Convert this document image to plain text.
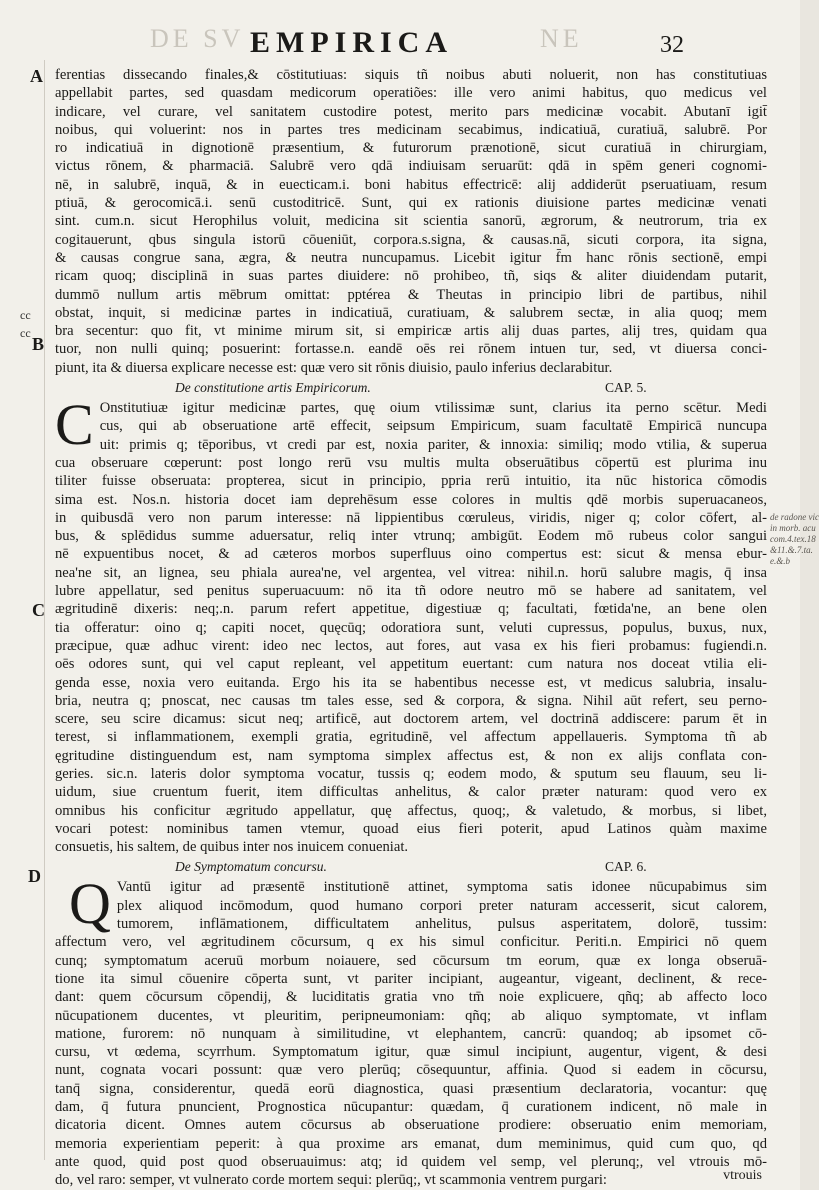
DE SV	NE
EMPIRICA	32
A
cc
cc
B
C
D
de radone vic
in morb. acu
com.4.tex.18
&11.&.7.ta.
e.&.b
ferentias dissecando finales,& cōstitutiuas: siquis tñ noibus abuti noluerit, non has constitutiuas
appellabit partes, sed quasdam medicorum operatiões: ille vero animi habitus, quo medicus vel
indicare, vel curare, vel sanitatem custodire potest, merito pars medicinæ vocabit. Abutanī igit̄
noibus, qui voluerint: nos in partes tres medicinam secabimus, indicatiuā, curatiuā, salubrē. Por
ro indicatiuā in dignotionē præsentium, & futurorum prænotionē, sicut curatiuā in chirurgiam,
victus rōnem, & pharmaciā. Salubrē vero qdā indiuisam seruarūt: qdā in spēm generi cognomi-
nē, in salubrē, inquā, & in euecticam.i. boni habitus effectricē: alij addiderūt pseruatiuam, resum
ptiuā, & gerocomicā.i. senū custoditricē. Sunt, qui ex rationis diuisione partes medicinæ venati
sint. cum.n. sicut Herophilus voluit, medicina sit scientia sanorū, ægrorum, & neutrorum, tria ex
cogitauerunt, qbus singula istorū cōueniūt, corpora.s.signa, & causas.nā, sicuti corpora, ita signa,
& causas congrue sana, ægra, & neutra nuncupamus. Licebit igitur f̄m hanc rōnis sectionē, empi
ricam quoq; disciplinā in suas partes diuidere: nō prohibeo, tñ, siqs & aliter diuidendam putarit,
dummō nullum artis mēbrum omittat: pptérea & Theutas in principio libri de partibus, nihil
obstat, inquit, si medicinæ partes in indicatiuā, curatiuam, & salubrem sectæ, in alia quoq; mem
bra secentur: quo fit, vt minime mirum sit, si empiricæ artis alij duas partes, alij tres, quidam qua
tuor, non nulli quinq; posuerint: fortasse.n. eandē oēs rei rōnem intuen tur, sed, vt diuersa conci-
piunt, ita & diuersa explicare necesse est: quæ vero sit rōnis diuisio, paulo inferius declarabitur.
De constitutione artis Empiricorum.	CAP. 5.
C Onstitutiuæ igitur medicinæ partes, quę oium vtilissimæ sunt, clarius ita perno scētur. Medi
cus, qui ab obseruatione artē effecit, seipsum Empiricum, suam facultatē Empiricā nuncupa
uit: primis q; tēporibus, vt credi par est, noxia pariter, & innoxia: similiq; modo vtilia, & superua
cua obseruare cœperunt: post longo rerū vsu multis multa obseruātibus cōpertū est plurima inu
tiliter fuisse obseruata: propterea, sicut in principio, ppria rerū intuitio, ita nūc historica cōmodis
sima est. Nos.n. historia docet iam deprehēsum esse colores in multis qdē morbis superuacaneos,
in quibusdā vero non parum interesse: nā lippientibus cœruleus, viridis, niger q; color cōfert, al-
bus, & splēdidus summe aduersatur, reliq inter vtrunq; ambigūt. Eodem mō rubeus color sangui
nē expuentibus nocet, & ad cæteros morbos superfluus oino compertus est: sicut & mensa ebur-
nea'ne sit, an lignea, seu phiala aurea'ne, vel argentea, vel vitrea: nihil.n. horū salubre magis, q̄ insa
lubre appellatur, sed penitus superuacuum: nō ita tñ odore neutro mō se habere ad sanitatem, vel
ægritudinē dixeris: neq;.n. parum refert appetitue, digestiuæ q; facultati, fœtida'ne, an bene olen
tia offeratur: oino q; capiti nocet, quęcūq; odoratiora sunt, veluti cupressus, populus, buxus, nux,
præcipue, quæ adhuc virent: ideo nec lectos, aut fores, aut vasa ex his fieri probamus: fugiendi.n.
oēs odores sunt, qui vel caput repleant, vel appetitum euertant: cum natura nos doceat vtilia eli-
genda esse, noxia vero euitanda. Ergo his ita se habentibus necesse est, vt medicus salubria, insalu-
bria, neutra q; pnoscat, nec causas tm tales esse, sed & corpora, & signa. Nihil aūt refert, seu perno-
scere, seu scire dicamus: sicut neq; artificē, aut doctorem artem, vel doctrinā addiscere: parum ēt in
terest, si inflammationem, exempli gratia, egritudinē, vel affectum appellaueris. Symptoma tñ ab
ęgritudine distinguendum est, nam symptoma simplex affectus est, & non ex alijs conflata con-
geries. sic.n. lateris dolor symptoma vocatur, tussis q; eodem modo, & sputum seu flauum, seu li-
uidum, siue cruentum fuerit, item difficultas anhelitus, & calor præter naturam: quod vero ex
omnibus his conficitur ægritudo appellatur, quę affectus, quoq;, & valetudo, & morbus, si libet,
vocari potest: nominibus tamen vtemur, quoad eius fieri poterit, apud Latinos quàm maxime
consuetis, his saltem, de quibus inter nos inuicem conueniat.
De Symptomatum concursu.	CAP. 6.
Q Vantū igitur ad præsentē institutionē attinet, symptoma satis idonee nūcupabimus sim
plex aliquod incōmodum, quod humano corpori preter naturam accesserit, sicut calorem,
tumorem, inflāmationem, difficultatem anhelitus, pulsus asperitatem, dolorē, tussim:
affectum vero, vel ægritudinem cōcursum, q ex his simul conficitur. Periti.n. Empirici nō quem
cunq; symptomatum aceruū morbum noiauere, sed cōcursum tm eorum, quæ ex longa obseruā-
tione ita simul cōuenire cōperta sunt, vt pariter incipiant, augeantur, vigeant, declinent, & rece-
dant: quem cōcursum cōpendij, & luciditatis gratia vno tm̄ noie explicuere, qñq; ab affecto loco
nūcupationem ducentes, vt pleuritim, peripneumoniam: qñq; ab aliquo symptomate, vt inflam
matione, furorem: nō nunquam à similitudine, vt elephantem, cancrū: quandoq; ab ipsomet cō-
cursu, vt œdema, scyrrhum. Symptomatum igitur, quæ simul incipiunt, augentur, vigent, & desi
nunt, cognata vocari possunt: quæ vero plerūq; cōsequuntur, affinia. Quod si eadem in cōcursu,
tanq̄ signa, considerentur, quedā eorū diagnostica, quasi præsentium declaratoria, vocantur: quę
dam, q̄ futura pnuncient, Prognostica nūcupantur: quædam, q̄ curationem indicent, nō male in
dicatoria dicent. Omnes autem cōcursus ab obseruatione prodiere: obseruatio enim memoriam,
memoria experientiam peperit: à qua proxime ars emanat, dum meminimus, quid cum quo, qd
ante quod, quid post quod obseruauimus: atq; id quidem vel semp, vel plerunq;, vel vtrouis mō-
do, vel raro: semper, vt vulnerato corde mortem sequi: plerūq;, vt scammonia ventrem purgari:	vtrouis
